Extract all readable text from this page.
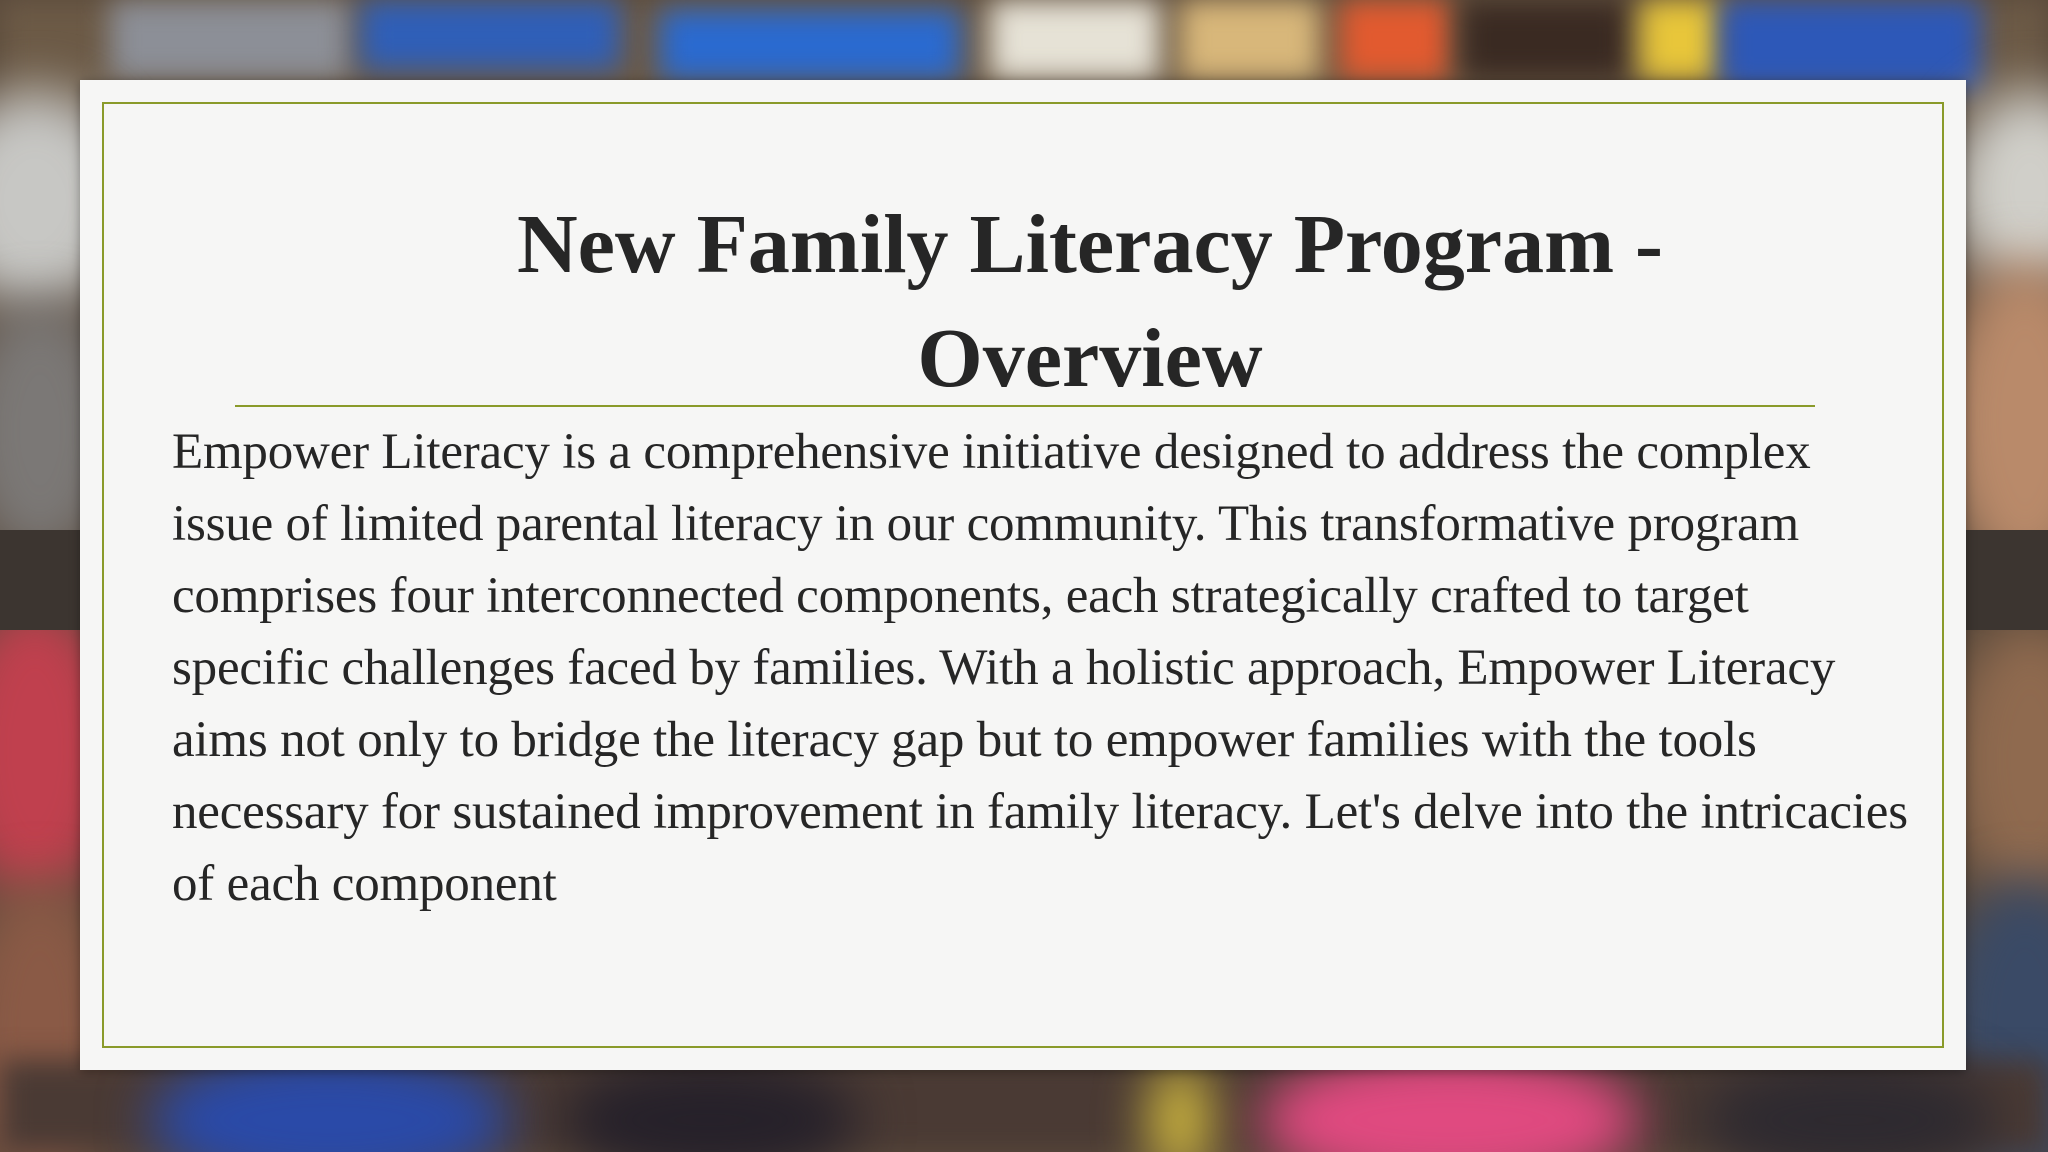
New Family Literacy Program -
Overview

Empower Literacy is a comprehensive initiative designed to address the complex issue of limited parental literacy in our community. This transformative program comprises four interconnected components, each strategically crafted to target specific challenges faced by families. With a holistic approach, Empower Literacy aims not only to bridge the literacy gap but to empower families with the tools necessary for sustained improvement in family literacy. Let's delve into the intricacies of each component
